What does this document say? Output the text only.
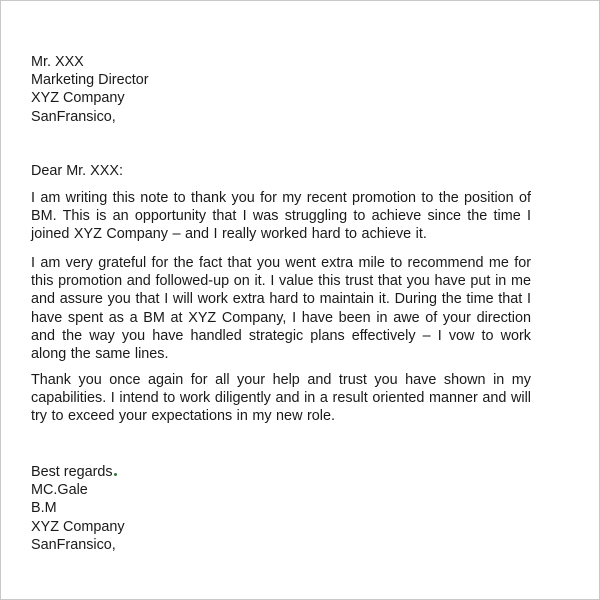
Mr. XXX
Marketing Director
XYZ Company
SanFransico,
Dear Mr. XXX:
I am writing this note to thank you for my recent promotion to the position of BM. This is an opportunity that I was struggling to achieve since the time I joined XYZ Company – and I really worked hard to achieve it.
I am very grateful for the fact that you went extra mile to recommend me for this promotion and followed-up on it. I value this trust that you have put in me and assure you that I will work extra hard to maintain it. During the time that I have spent as a BM at XYZ Company, I have been in awe of your direction and the way you have handled strategic plans effectively – I vow to work along the same lines.
Thank you once again for all your help and trust you have shown in my capabilities. I intend to work diligently and in a result oriented manner and will try to exceed your expectations in my new role.
Best regards
MC.Gale
B.M
XYZ Company
SanFransico,
